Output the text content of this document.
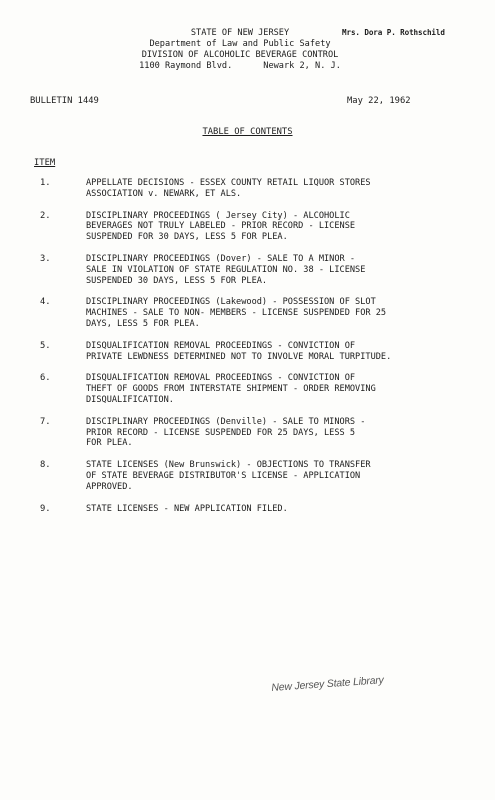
STATE OF NEW JERSEY
Department of Law and Public Safety
DIVISION OF ALCOHOLIC BEVERAGE CONTROL
1100 Raymond Blvd.      Newark 2, N. J.
Mrs. Dora P. Rothschild
BULLETIN 1449	May 22, 1962
TABLE OF CONTENTS
ITEM
1.	APPELLATE DECISIONS - ESSEX COUNTY RETAIL LIQUOR STORES
ASSOCIATION v. NEWARK, ET ALS.
2.	DISCIPLINARY PROCEEDINGS ( Jersey City) - ALCOHOLIC
BEVERAGES NOT TRULY LABELED - PRIOR RECORD - LICENSE
SUSPENDED FOR 30 DAYS, LESS 5 FOR PLEA.
3.	DISCIPLINARY PROCEEDINGS (Dover) - SALE TO A MINOR -
SALE IN VIOLATION OF STATE REGULATION NO. 38 - LICENSE
SUSPENDED 30 DAYS, LESS 5 FOR PLEA.
4.	DISCIPLINARY PROCEEDINGS (Lakewood) - POSSESSION OF SLOT
MACHINES - SALE TO NON- MEMBERS - LICENSE SUSPENDED FOR 25
DAYS, LESS 5 FOR PLEA.
5.	DISQUALIFICATION REMOVAL PROCEEDINGS - CONVICTION OF
PRIVATE LEWDNESS DETERMINED NOT TO INVOLVE MORAL TURPITUDE.
6.	DISQUALIFICATION REMOVAL PROCEEDINGS - CONVICTION OF
THEFT OF GOODS FROM INTERSTATE SHIPMENT - ORDER REMOVING
DISQUALIFICATION.
7.	DISCIPLINARY PROCEEDINGS (Denville) - SALE TO MINORS -
PRIOR RECORD - LICENSE SUSPENDED FOR 25 DAYS, LESS 5
FOR PLEA.
8.	STATE LICENSES (New Brunswick) - OBJECTIONS TO TRANSFER
OF STATE BEVERAGE DISTRIBUTOR'S LICENSE - APPLICATION
APPROVED.
9.	STATE LICENSES - NEW APPLICATION FILED.
New Jersey State Library
